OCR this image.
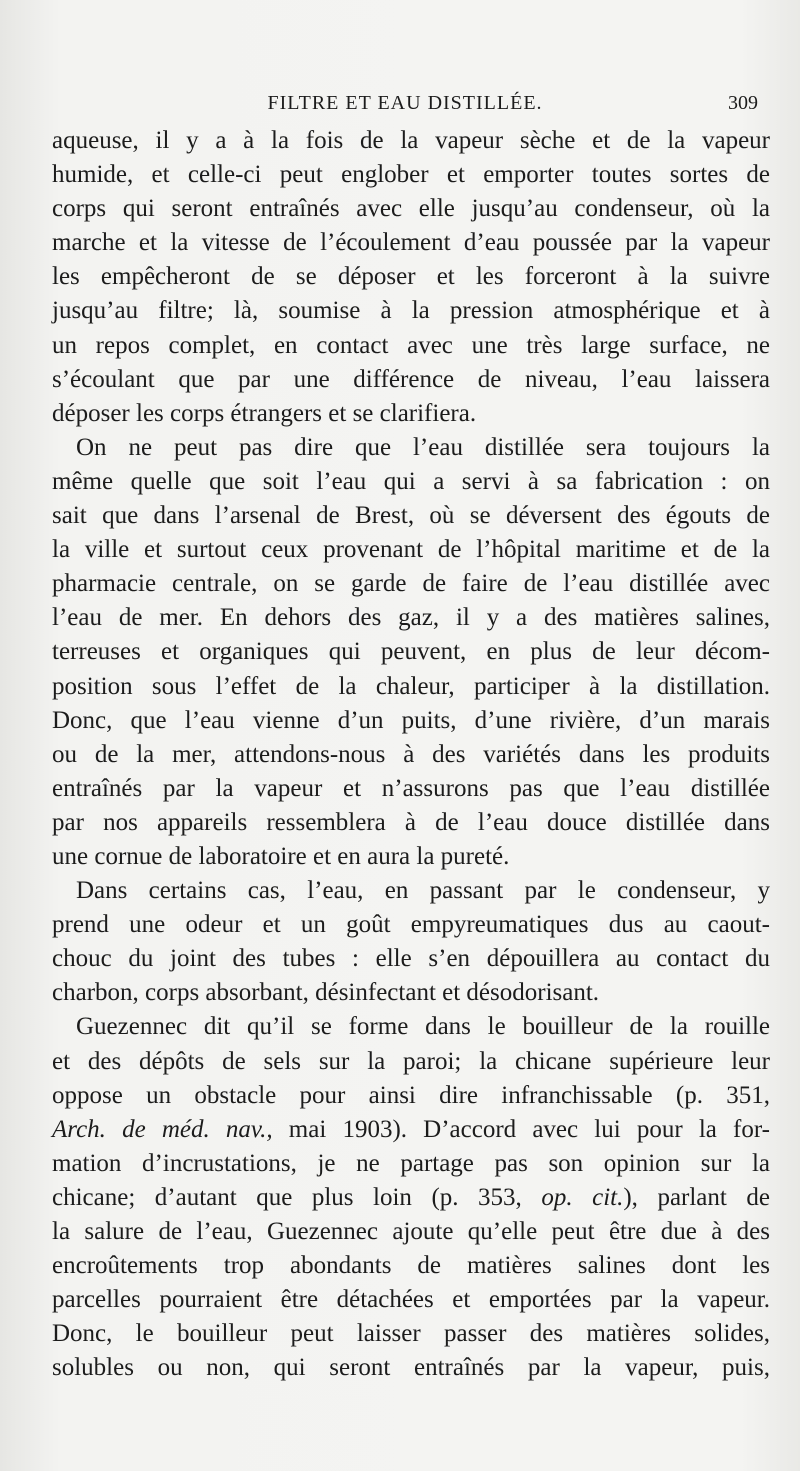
FILTRE ET EAU DISTILLÉE.	309
aqueuse, il y a à la fois de la vapeur sèche et de la vapeur
humide, et celle-ci peut englober et emporter toutes sortes de
corps qui seront entraînés avec elle jusqu’au condenseur, où la
marche et la vitesse de l’écoulement d’eau poussée par la vapeur
les empêcheront de se déposer et les forceront à la suivre
jusqu’au filtre; là, soumise à la pression atmosphérique et à
un repos complet, en contact avec une très large surface, ne
s’écoulant que par une différence de niveau, l’eau laissera
déposer les corps étrangers et se clarifiera.
On ne peut pas dire que l’eau distillée sera toujours la
même quelle que soit l’eau qui a servi à sa fabrication : on
sait que dans l’arsenal de Brest, où se déversent des égouts de
la ville et surtout ceux provenant de l’hôpital maritime et de la
pharmacie centrale, on se garde de faire de l’eau distillée avec
l’eau de mer. En dehors des gaz, il y a des matières salines,
terreuses et organiques qui peuvent, en plus de leur décom-
position sous l’effet de la chaleur, participer à la distillation.
Donc, que l’eau vienne d’un puits, d’une rivière, d’un marais
ou de la mer, attendons-nous à des variétés dans les produits
entraînés par la vapeur et n’assurons pas que l’eau distillée
par nos appareils ressemblera à de l’eau douce distillée dans
une cornue de laboratoire et en aura la pureté.
Dans certains cas, l’eau, en passant par le condenseur, y
prend une odeur et un goût empyreumatiques dus au caout-
chouc du joint des tubes : elle s’en dépouillera au contact du
charbon, corps absorbant, désinfectant et désodorisant.
Guezennec dit qu’il se forme dans le bouilleur de la rouille
et des dépôts de sels sur la paroi; la chicane supérieure leur
oppose un obstacle pour ainsi dire infranchissable (p. 351,
Arch. de méd. nav., mai 1903). D’accord avec lui pour la for-
mation d’incrustations, je ne partage pas son opinion sur la
chicane; d’autant que plus loin (p. 353, op. cit.), parlant de
la salure de l’eau, Guezennec ajoute qu’elle peut être due à des
encroûtements trop abondants de matières salines dont les
parcelles pourraient être détachées et emportées par la vapeur.
Donc, le bouilleur peut laisser passer des matières solides,
solubles ou non, qui seront entraînés par la vapeur, puis,
